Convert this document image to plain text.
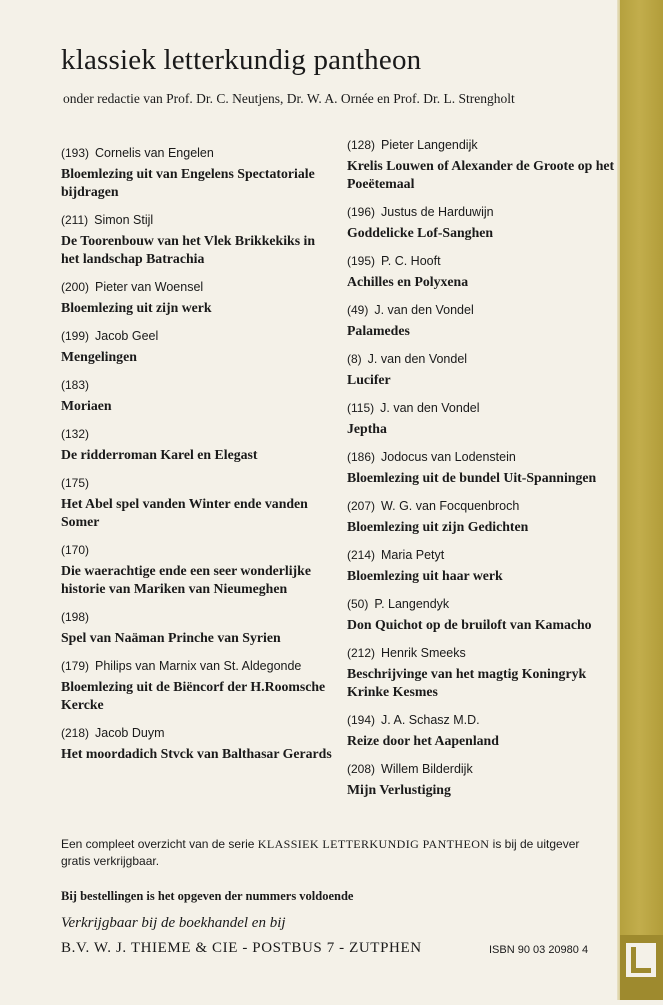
klassiek letterkundig pantheon
onder redactie van Prof. Dr. C. Neutjens, Dr. W. A. Ornée en Prof. Dr. L. Strengholt
(193) Cornelis van Engelen
Bloemlezing uit van Engelens Spectatoriale bijdragen
(211) Simon Stijl
De Toorenbouw van het Vlek Brikkekiks in het landschap Batrachia
(200) Pieter van Woensel
Bloemlezing uit zijn werk
(199) Jacob Geel
Mengelingen
(183)
Moriaen
(132)
De ridderroman Karel en Elegast
(175)
Het Abel spel vanden Winter ende vanden Somer
(170)
Die waerachtige ende een seer wonderlijke historie van Mariken van Nieumeghen
(198)
Spel van Naäman Princhе van Syrien
(179) Philips van Marnix van St. Aldegonde
Bloemlezing uit de Biëncorf der H.Roomsche Kercke
(218) Jacob Duym
Het moordadich Stvck van Balthasar Gerards
(128) Pieter Langendijk
Krelis Louwen of Alexander de Groote op het Poeëtemaal
(196) Justus de Harduwijn
Goddelicke Lof-Sanghen
(195) P. C. Hooft
Achilles en Polyxena
(49) J. van den Vondel
Palamedes
(8) J. van den Vondel
Lucifer
(115) J. van den Vondel
Jeptha
(186) Jodocus van Lodenstein
Bloemlezing uit de bundel Uit-Spanningen
(207) W. G. van Focquenbroch
Bloemlezing uit zijn Gedichten
(214) Maria Petyt
Bloemlezing uit haar werk
(50) P. Langendyk
Don Quichot op de bruiloft van Kamacho
(212) Henrik Smeeks
Beschrijvinge van het magtig Koningryk Krinke Kesmes
(194) J. A. Schasz M.D.
Reize door het Aapenland
(208) Willem Bilderdijk
Mijn Verlustiging
Een compleet overzicht van de serie KLASSIEK LETTERKUNDIG PANTHEON is bij de uitgever gratis verkrijgbaar.
Bij bestellingen is het opgeven der nummers voldoende
Verkrijgbaar bij de boekhandel en bij
B.V. W. J. THIEME & CIE - POSTBUS 7 - ZUTPHEN	ISBN 90 03 20980 4
